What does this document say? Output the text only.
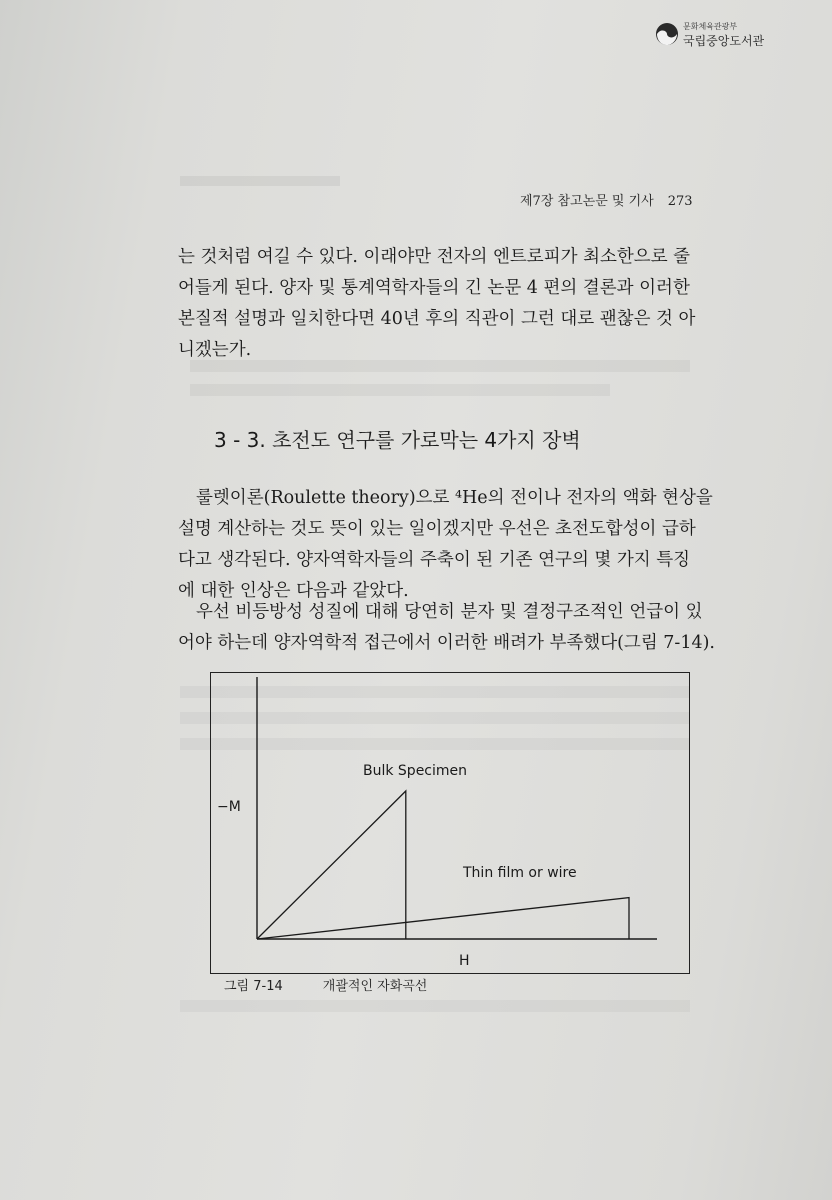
문화체육관광부
국립중앙도서관
제7장 참고논문 및 기사 273
는 것처럼 여길 수 있다. 이래야만 전자의 엔트로피가 최소한으로 줄
어들게 된다. 양자 및 통계역학자들의 긴 논문 4 편의 결론과 이러한
본질적 설명과 일치한다면 40년 후의 직관이 그런 대로 괜찮은 것 아
니겠는가.
3 - 3. 초전도 연구를 가로막는 4가지 장벽
룰렛이론(Roulette theory)으로 ⁴He의 전이나 전자의 액화 현상을
설명 계산하는 것도 뜻이 있는 일이겠지만 우선은 초전도합성이 급하
다고 생각된다. 양자역학자들의 주축이 된 기존 연구의 몇 가지 특징
에 대한 인상은 다음과 같았다.
우선 비등방성 성질에 대해 당연히 분자 및 결정구조적인 언급이 있
어야 하는데 양자역학적 접근에서 이러한 배려가 부족했다(그림 7-14).
−M
H
Bulk Specimen
Thin film or wire
그림 7-14	개괄적인 자화곡선
